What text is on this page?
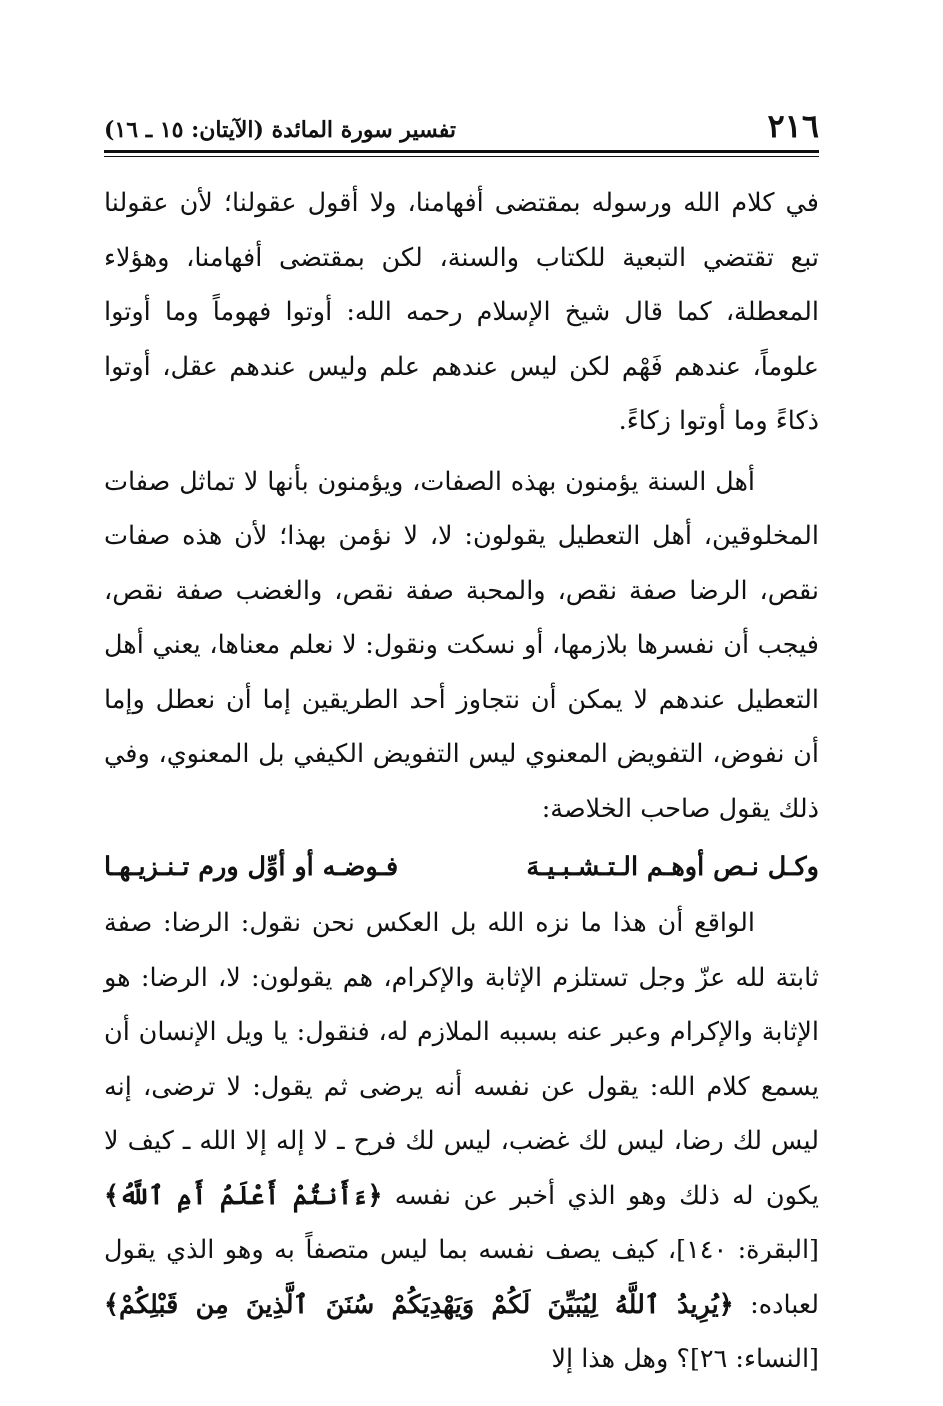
٢١٦
تفسير سورة المائدة (الآيتان: ١٥ ـ ١٦)

في كلام الله ورسوله بمقتضى أفهامنا، ولا أقول عقولنا؛ لأن عقولنا تبع تقتضي التبعية للكتاب والسنة، لكن بمقتضى أفهامنا، وهؤلاء المعطلة، كما قال شيخ الإسلام رحمه الله: أوتوا فهوماً وما أوتوا علوماً، عندهم فَهْم لكن ليس عندهم علم وليس عندهم عقل، أوتوا ذكاءً وما أوتوا زكاءً.

أهل السنة يؤمنون بهذه الصفات، ويؤمنون بأنها لا تماثل صفات المخلوقين، أهل التعطيل يقولون: لا، لا نؤمن بهذا؛ لأن هذه صفات نقص، الرضا صفة نقص، والمحبة صفة نقص، والغضب صفة نقص، فيجب أن نفسرها بلازمها، أو نسكت ونقول: لا نعلم معناها، يعني أهل التعطيل عندهم لا يمكن أن نتجاوز أحد الطريقين إما أن نعطل وإما أن نفوض، التفويض المعنوي ليس التفويض الكيفي بل المعنوي، وفي ذلك يقول صاحب الخلاصة:

وكـل نـص أوهـم الـتـشـبـيـهَ
فـوضـه أو أوِّل ورم تـنـزيـهـا

الواقع أن هذا ما نزه الله بل العكس نحن نقول: الرضا: صفة ثابتة لله عزّ وجل تستلزم الإثابة والإكرام، هم يقولون: لا، الرضا: هو الإثابة والإكرام وعبر عنه بسببه الملازم له، فنقول: يا ويل الإنسان أن يسمع كلام الله: يقول عن نفسه أنه يرضى ثم يقول: لا ترضى، إنه ليس لك رضا، ليس لك غضب، ليس لك فرح ـ لا إله إلا الله ـ كيف لا يكون له ذلك وهو الذي أخبر عن نفسه ﴿ءَأَنتُمْ أَعْلَمُ أَمِ ٱللَّهُ﴾ [البقرة: ١٤٠]، كيف يصف نفسه بما ليس متصفاً به وهو الذي يقول لعباده: ﴿يُرِيدُ ٱللَّهُ لِيُبَيِّنَ لَكُمْ وَيَهْدِيَكُمْ سُنَنَ ٱلَّذِينَ مِن قَبْلِكُمْ﴾ [النساء: ٢٦]؟ وهل هذا إلا
